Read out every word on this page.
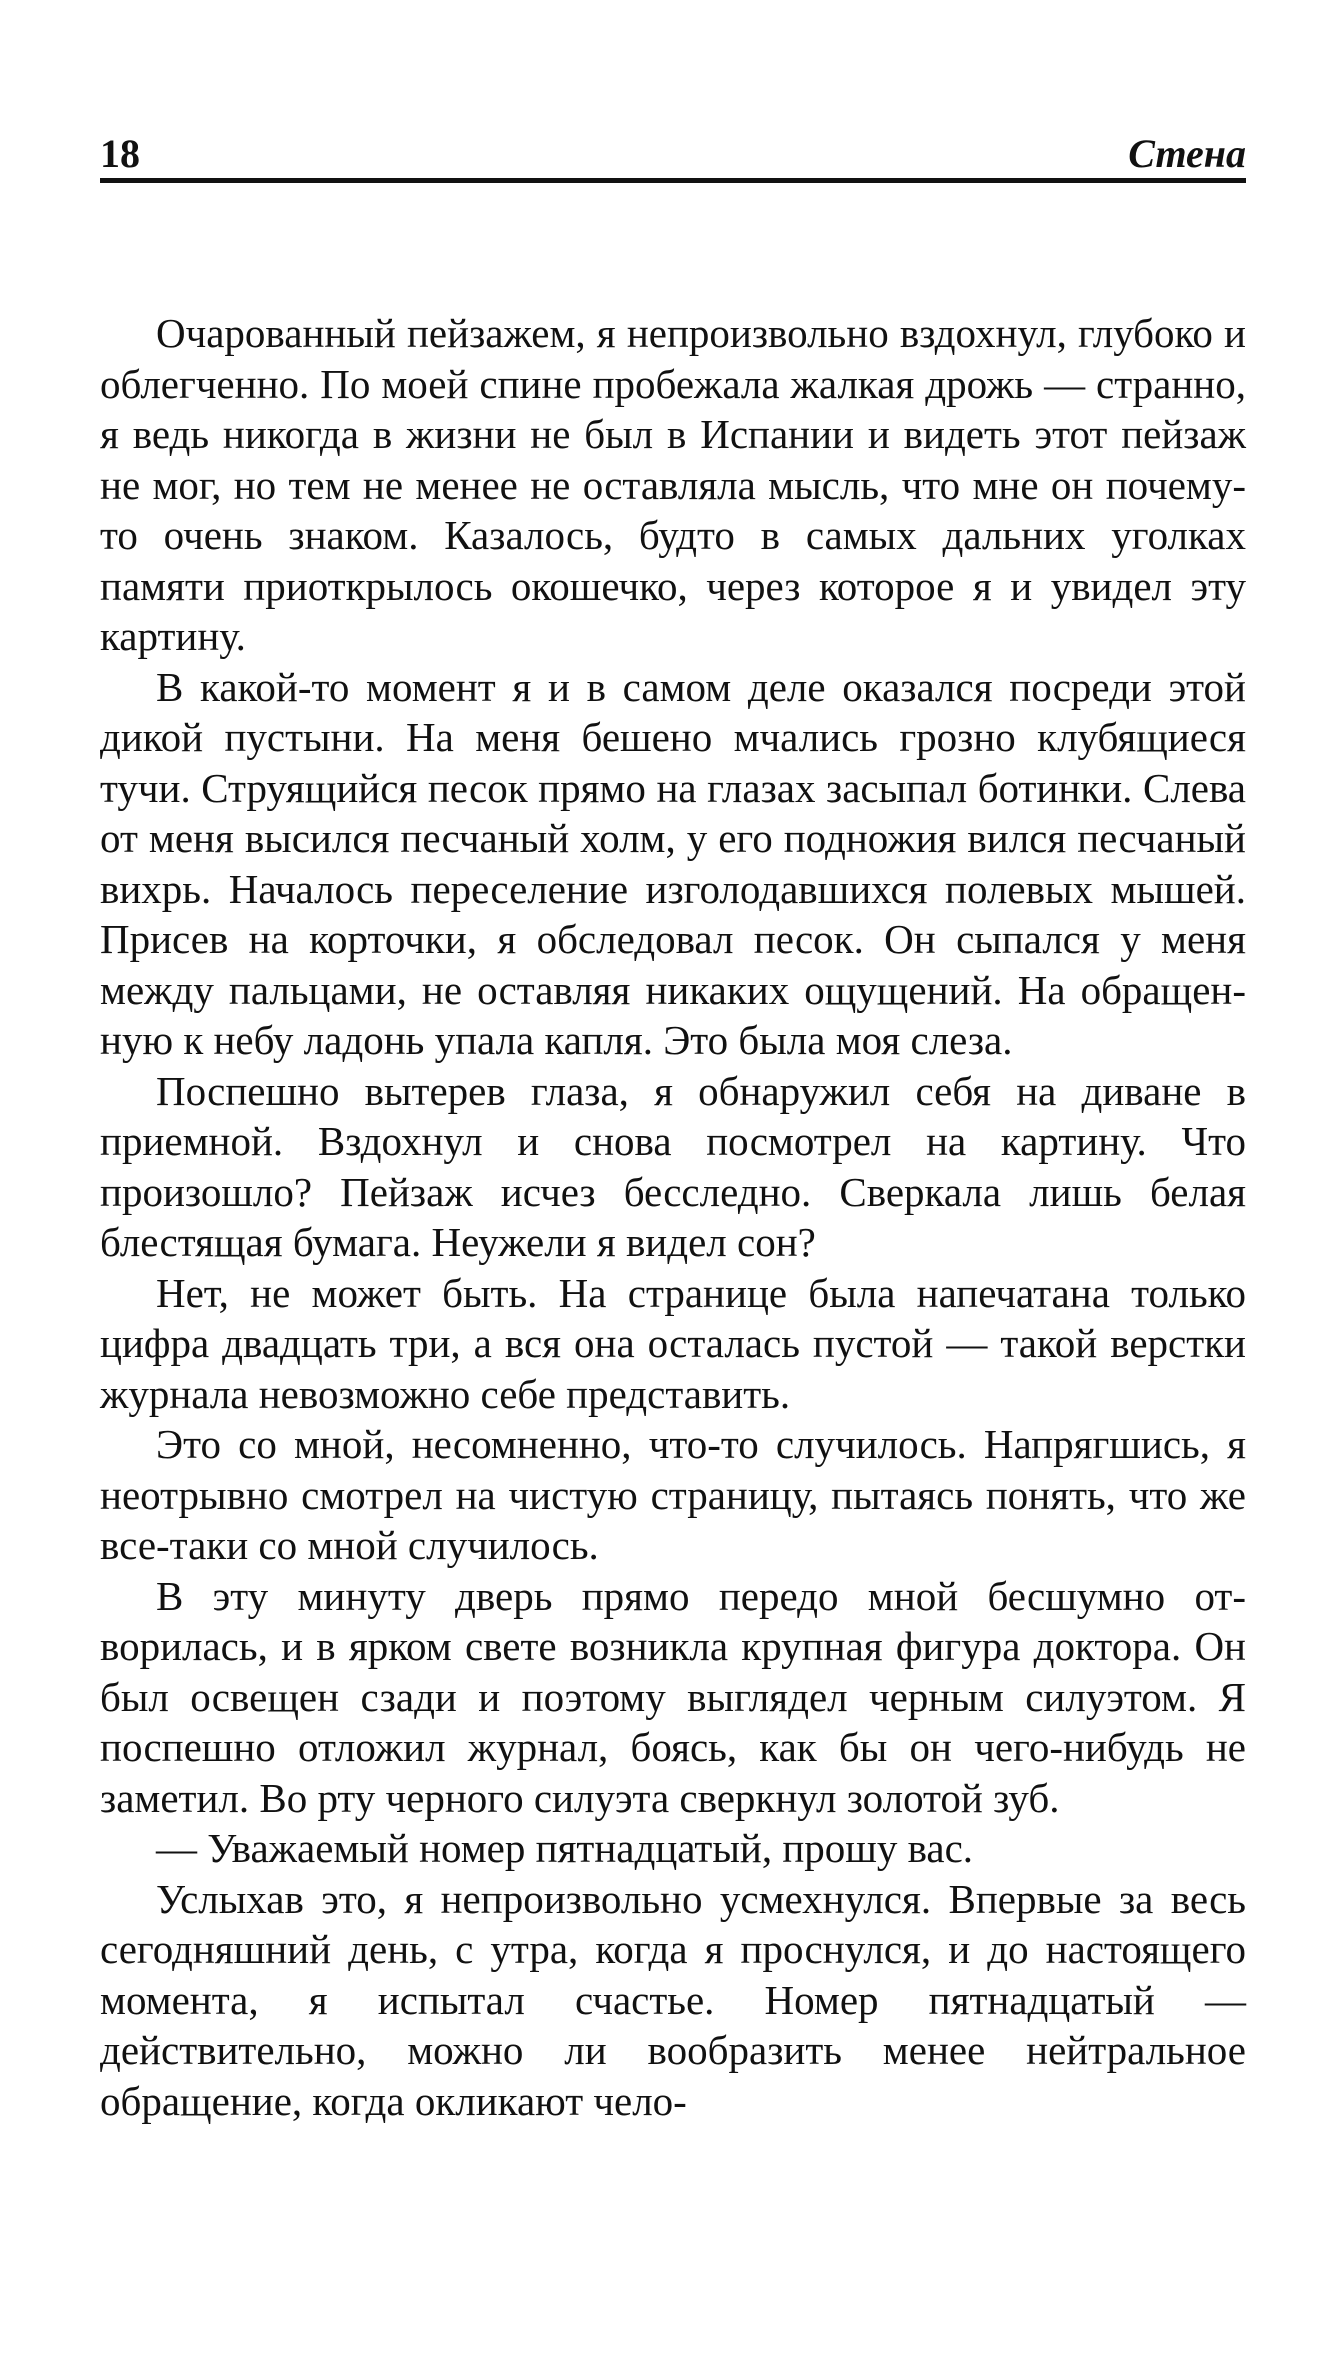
18	Стена

Очарованный пейзажем, я непроизвольно вздохнул, глубоко и облегченно. По моей спине пробежала жалкая дрожь — странно, я ведь никогда в жизни не был в Испании и видеть этот пейзаж не мог, но тем не менее не оставляла мысль, что мне он почему-то очень знаком. Казалось, будто в самых дальних уголках памяти приоткрылось окошечко, через которое я и увидел эту картину.

В какой-то момент я и в самом деле оказался посреди этой дикой пустыни. На меня бешено мчались грозно клубящиеся тучи. Струящийся песок прямо на глазах засыпал ботинки. Слева от меня высился песчаный холм, у его подножия вился песчаный вихрь. Началось переселение изголодавшихся полевых мышей. Присев на корточки, я обследовал песок. Он сыпался у меня между пальцами, не оставляя никаких ощущений. На обращенную к небу ладонь упала капля. Это была моя слеза.

Поспешно вытерев глаза, я обнаружил себя на диване в приемной. Вздохнул и снова посмотрел на картину. Что произошло? Пейзаж исчез бесследно. Сверкала лишь белая блестящая бумага. Неужели я видел сон?

Нет, не может быть. На странице была напечатана только цифра двадцать три, а вся она осталась пустой — такой верстки журнала невозможно себе представить.

Это со мной, несомненно, что-то случилось. Напрягшись, я неотрывно смотрел на чистую страницу, пытаясь понять, что же все-таки со мной случилось.

В эту минуту дверь прямо передо мной бесшумно отворилась, и в ярком свете возникла крупная фигура доктора. Он был освещен сзади и поэтому выглядел черным силуэтом. Я поспешно отложил журнал, боясь, как бы он чего-нибудь не заметил. Во рту черного силуэта сверкнул золотой зуб.

— Уважаемый номер пятнадцатый, прошу вас.

Услыхав это, я непроизвольно усмехнулся. Впервые за весь сегодняшний день, с утра, когда я проснулся, и до настоящего момента, я испытал счастье. Номер пятнадцатый — действительно, можно ли вообразить менее нейтральное обращение, когда окликают чело-
